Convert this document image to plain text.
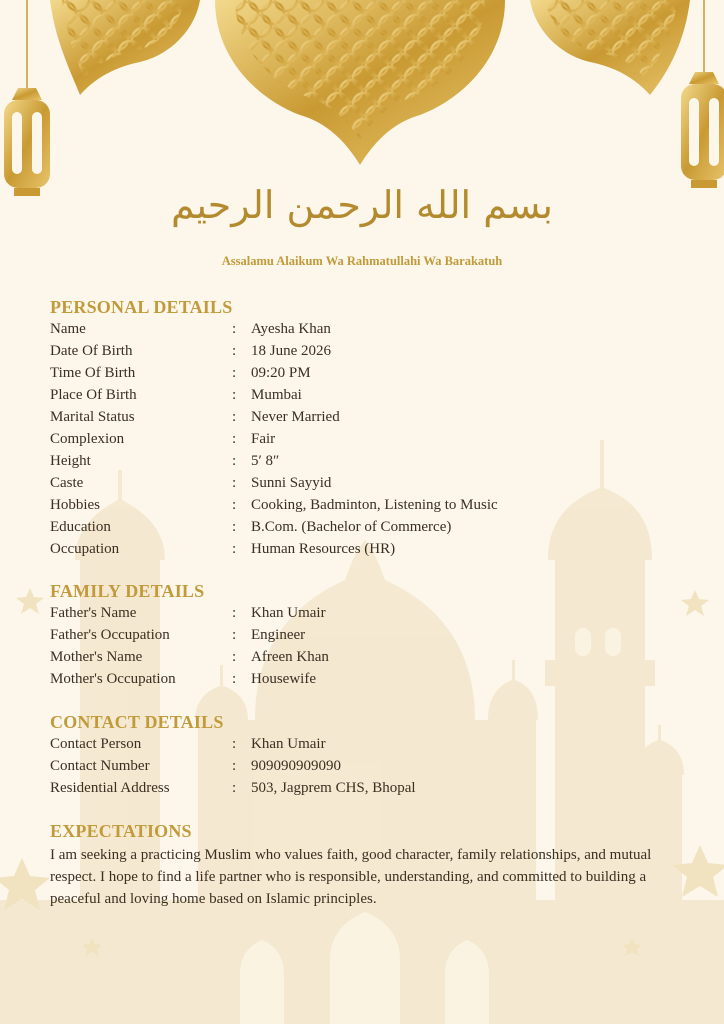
بسم الله الرحمن الرحيم
Assalamu Alaikum Wa Rahmatullahi Wa Barakatuh
PERSONAL DETAILS
Name	: Ayesha Khan
Date Of Birth	: 18 June 2026
Time Of Birth	: 09:20 PM
Place Of Birth	: Mumbai
Marital Status	: Never Married
Complexion	: Fair
Height	: 5′ 8″
Caste	: Sunni Sayyid
Hobbies	: Cooking, Badminton, Listening to Music
Education	: B.Com. (Bachelor of Commerce)
Occupation	: Human Resources (HR)
FAMILY DETAILS
Father's Name	: Khan Umair
Father's Occupation	: Engineer
Mother's Name	: Afreen Khan
Mother's Occupation	: Housewife
CONTACT DETAILS
Contact Person	: Khan Umair
Contact Number	: 909090909090
Residential Address	: 503, Jagprem CHS, Bhopal
EXPECTATIONS
I am seeking a practicing Muslim who values faith, good character, family relationships, and mutual respect. I hope to find a life partner who is responsible, understanding, and committed to building a peaceful and loving home based on Islamic principles.
